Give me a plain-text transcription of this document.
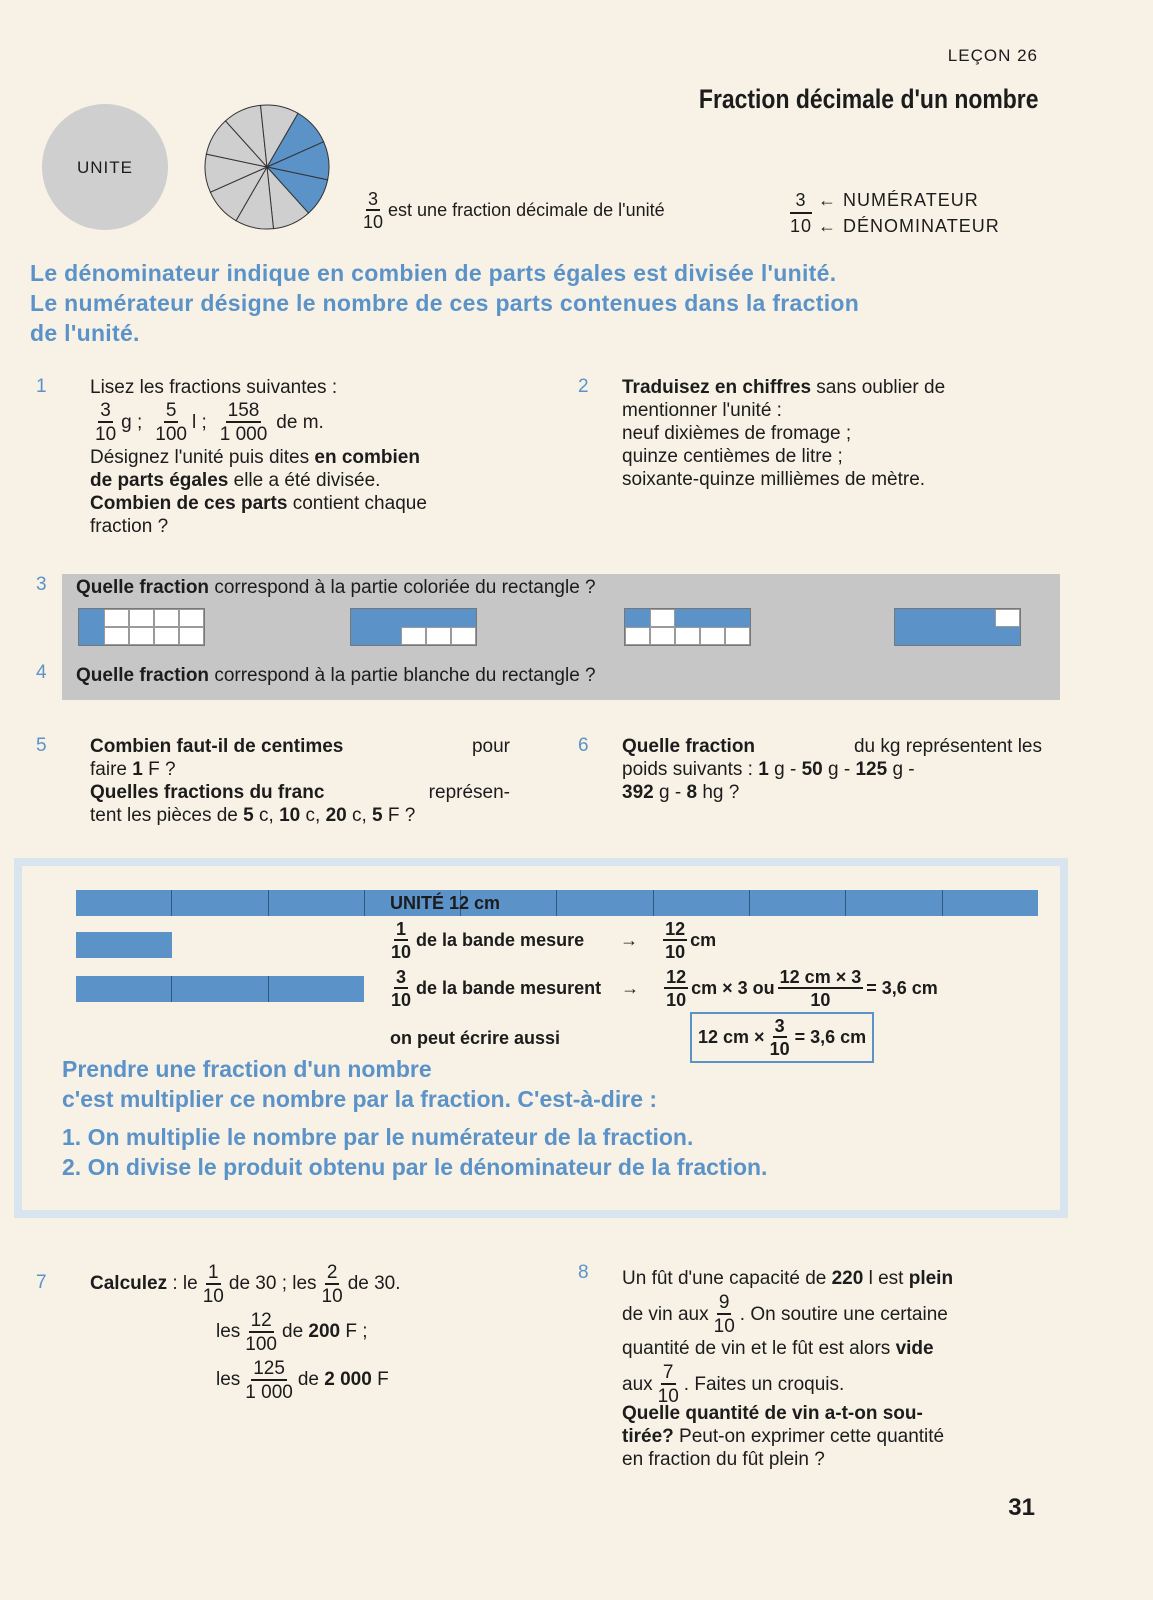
LEÇON 26
Fraction décimale d'un nombre
UNITE
$\frac{3}{10}$ est une fraction décimale de l'unité	3 ← NUMÉRATEUR
10 ← DÉNOMINATEUR
Le dénominateur indique en combien de parts égales est divisée l'unité.
Le numérateur désigne le nombre de ces parts contenues dans la fraction
de l'unité.
1 Lisez les fractions suivantes :
$\frac{3}{10}$ g ; $\frac{5}{100}$ l ; $\frac{158}{1 000}$ de m.
Désignez l'unité puis dites en combien
de parts égales elle a été divisée.
Combien de ces parts contient chaque
fraction ?
2 Traduisez en chiffres sans oublier de
mentionner l'unité :
neuf dixièmes de fromage ;
quinze centièmes de litre ;
soixante-quinze millièmes de mètre.
3 Quelle fraction correspond à la partie coloriée du rectangle ?
4 Quelle fraction correspond à la partie blanche du rectangle ?
5 Combien faut-il de centimes	pour
faire 1 F ?
Quelles fractions du franc	représen-
tent les pièces de 5 c, 10 c, 20 c, 5 F ?
6 Quelle fraction	du kg représentent les
poids suivants : 1 g - 50 g - 125 g -
392 g - 8 hg ?
UNITÉ 12 cm
$\frac{1}{10}$ de la bande mesure → $\frac{12}{10}$ cm
$\frac{3}{10}$ de la bande mesurent → $\frac{12}{10}$ cm × 3 ou $\frac{12 cm \times 3}{10} = 3,6$ cm
on peut écrire aussi	12 cm × $\frac{3}{10} = 3,6$ cm
Prendre une fraction d'un nombre
c'est multiplier ce nombre par la fraction. C'est-à-dire :
1. On multiplie le nombre par le numérateur de la fraction.
2. On divise le produit obtenu par le dénominateur de la fraction.
7 Calculez
: le $\frac{1}{10}$ de 30 ; les $\frac{2}{10}$ de 30.
les $\frac{12}{100}$ de
200
F ;
les $\frac{125}{1 000}$ de
2 000
F
8 Un fût d'une capacité de 220 l est plein
de vin aux $\frac{9}{10}$ . On soutire une certaine
quantité de vin et le fût est alors vide
aux $\frac{7}{10}$ . Faites un croquis.
Quelle quantité de vin a-t-on sou-
tirée? Peut-on exprimer cette quantité
en fraction du fût plein ?
31
